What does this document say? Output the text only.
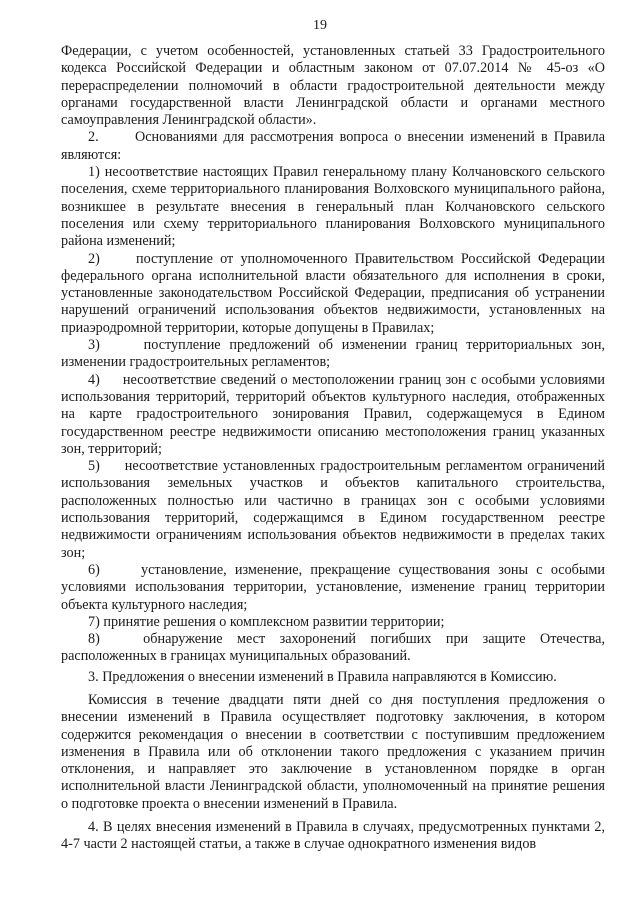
19

Федерации, с учетом особенностей, установленных статьей 33 Градостроительного кодекса Российской Федерации и областным законом от 07.07.2014 № 45-оз «О перераспределении полномочий в области градостроительной деятельности между органами государственной власти Ленинградской области и органами местного самоуправления Ленинградской области».

2.      Основаниями для рассмотрения вопроса о внесении изменений в Правила являются:

1) несоответствие настоящих Правил генеральному плану Колчановского сельского поселения, схеме территориального планирования Волховского муниципального района, возникшее в результате внесения в генеральный план Колчановского сельского поселения или схему территориального планирования Волховского муниципального района изменений;

2)     поступление от уполномоченного Правительством Российской Федерации федерального органа исполнительной власти обязательного для исполнения в сроки, установленные законодательством Российской Федерации, предписания об устранении нарушений ограничений использования объектов недвижимости, установленных на приаэродромной территории, которые допущены в Правилах;

3)     поступление предложений об изменении границ территориальных зон, изменении градостроительных регламентов;

4)     несоответствие сведений о местоположении границ зон с особыми условиями использования территорий, территорий объектов культурного наследия, отображенных на карте градостроительного зонирования Правил, содержащемуся в Едином государственном реестре недвижимости описанию местоположения границ указанных зон, территорий;

5)     несоответствие установленных градостроительным регламентом ограничений использования земельных участков и объектов капитального строительства, расположенных полностью или частично в границах зон с особыми условиями использования территорий, содержащимся в Едином государственном реестре недвижимости ограничениям использования объектов недвижимости в пределах таких зон;

6)     установление, изменение, прекращение существования зоны с особыми условиями использования территории, установление, изменение границ территории объекта культурного наследия;

7) принятие решения о комплексном развитии территории;

8)   обнаружение мест захоронений погибших при защите Отечества, расположенных в границах муниципальных образований.

3. Предложения о внесении изменений в Правила направляются в Комиссию.

Комиссия в течение двадцати пяти дней со дня поступления предложения о внесении изменений в Правила осуществляет подготовку заключения, в котором содержится рекомендация о внесении в соответствии с поступившим предложением изменения в Правила или об отклонении такого предложения с указанием причин отклонения, и направляет это заключение в установленном порядке в орган исполнительной власти Ленинградской области, уполномоченный на принятие решения о подготовке проекта о внесении изменений в Правила.

4. В целях внесения изменений в Правила в случаях, предусмотренных пунктами 2, 4-7 части 2 настоящей статьи, а также в случае однократного изменения видов
